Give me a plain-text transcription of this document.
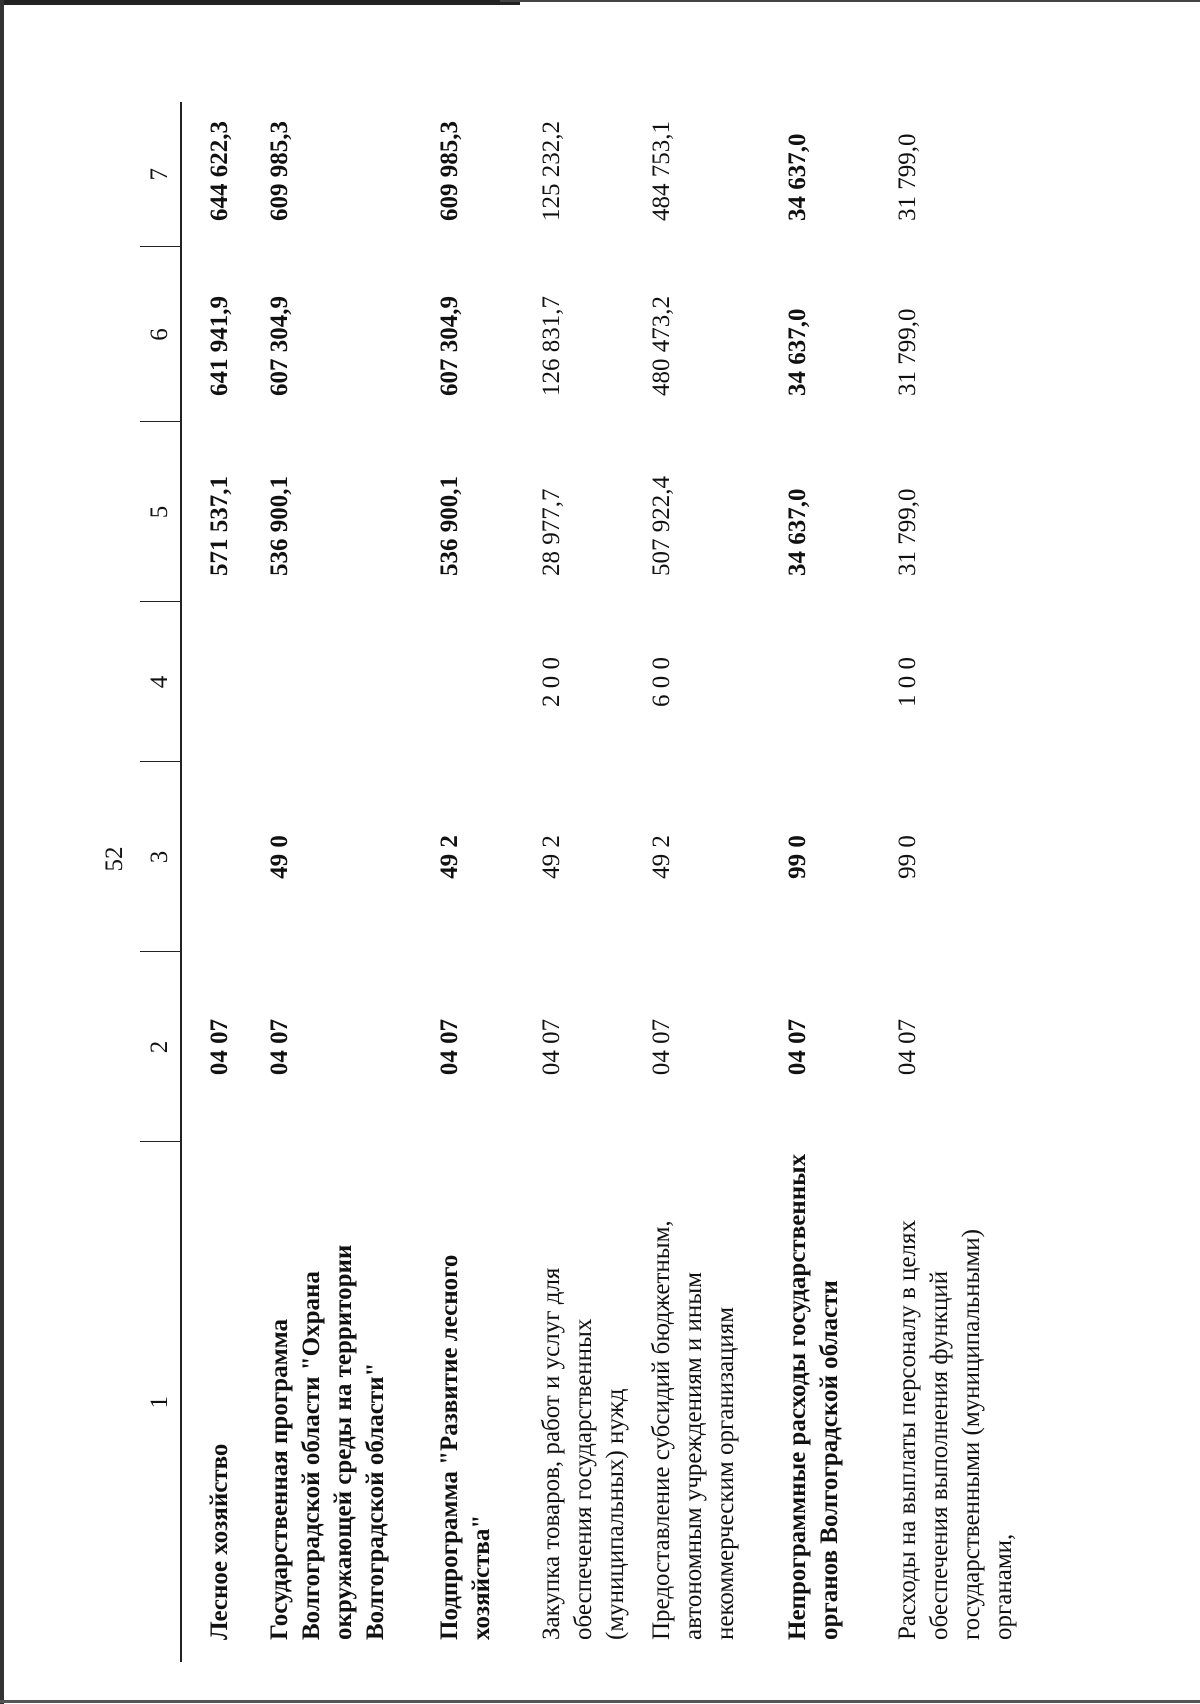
52
1	2	3	4	5	6	7
Лесное хозяйство	04 07			571 537,1	641 941,9	644 622,3
Государственная программа Волгоградской области "Охрана окружающей среды на территории Волгоградской области"	04 07	49 0		536 900,1	607 304,9	609 985,3
Подпрограмма "Развитие лесного хозяйства"	04 07	49 2		536 900,1	607 304,9	609 985,3
Закупка товаров, работ и услуг для обеспечения государственных (муниципальных) нужд	04 07	49 2	2 0 0	28 977,7	126 831,7	125 232,2
Предоставление субсидий бюджетным, автономным учреждениям и иным некоммерческим организациям	04 07	49 2	6 0 0	507 922,4	480 473,2	484 753,1
Непрограммные расходы государственных органов Волгоградской области	04 07	99 0		34 637,0	34 637,0	34 637,0
Расходы на выплаты персоналу в целях обеспечения выполнения функций государственными (муниципальными) органами,	04 07	99 0	1 0 0	31 799,0	31 799,0	31 799,0
